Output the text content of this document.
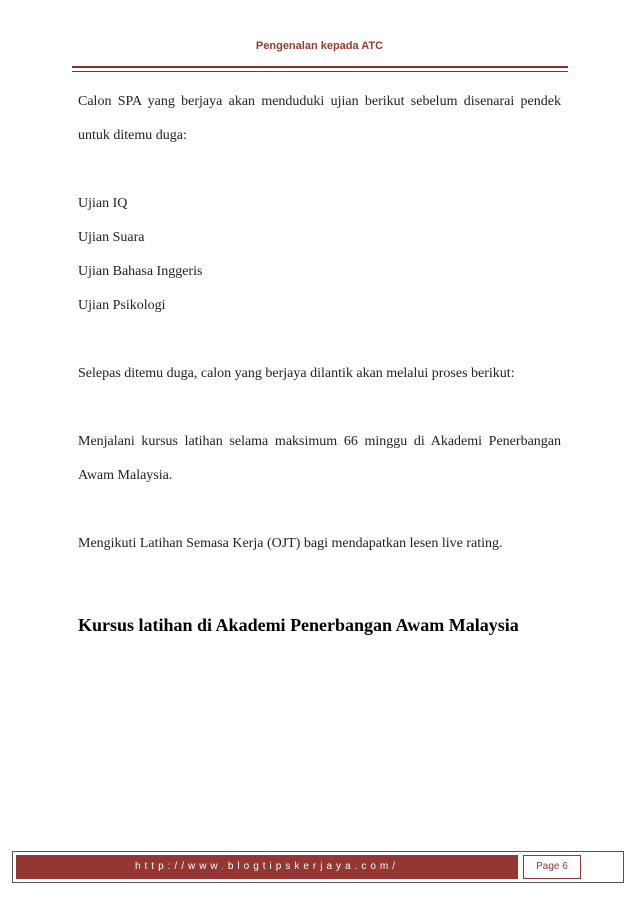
Pengenalan kepada ATC

Calon SPA yang berjaya akan menduduki ujian berikut sebelum disenarai pendek untuk ditemu duga:

Ujian IQ

Ujian Suara

Ujian Bahasa Inggeris

Ujian Psikologi

Selepas ditemu duga, calon yang berjaya dilantik akan melalui proses berikut:

Menjalani kursus latihan selama maksimum 66 minggu di Akademi Penerbangan Awam Malaysia.

Mengikuti Latihan Semasa Kerja (OJT) bagi mendapatkan lesen live rating.

Kursus latihan di Akademi Penerbangan Awam Malaysia

http://www.blogtipskerjaya.com/	Page 6
